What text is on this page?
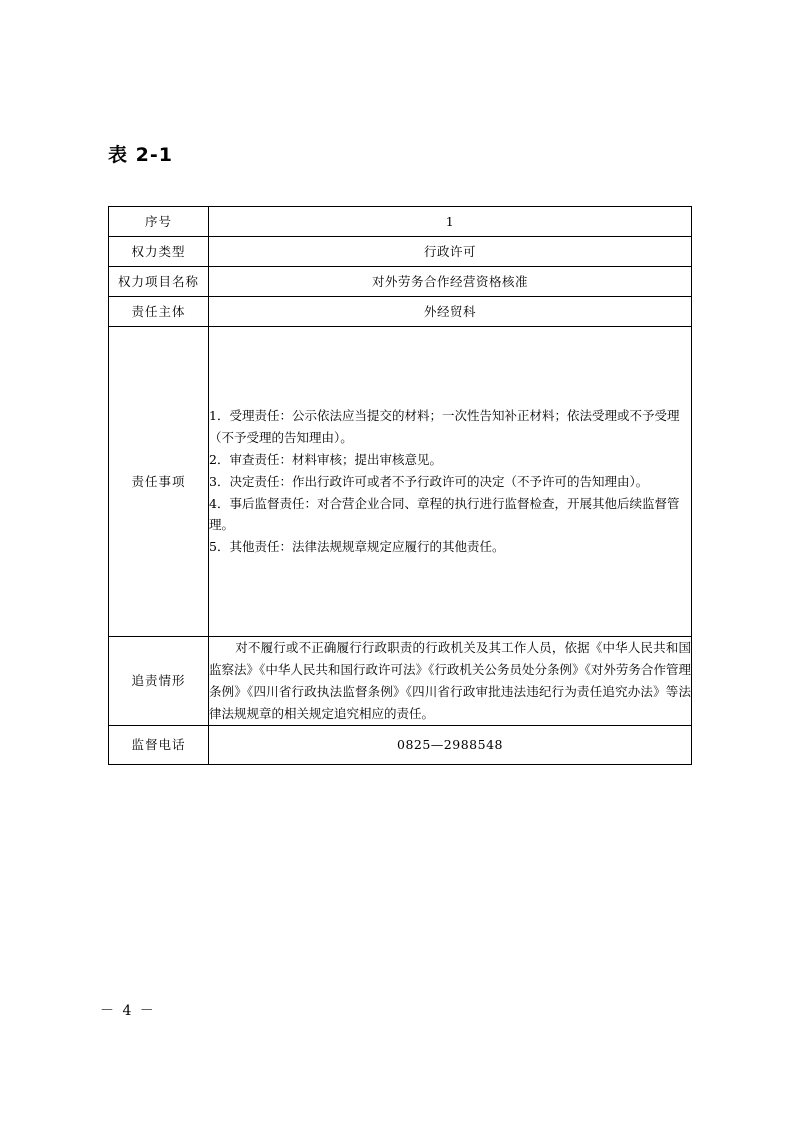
表 2-1
序号	1
权力类型	行政许可
权力项目名称	对外劳务合作经营资格核准
责任主体	外经贸科
责任事项	1．受理责任：公示依法应当提交的材料；一次性告知补正材料；依法受理或不予受理（不予受理的告知理由）。
2．审查责任：材料审核；提出审核意见。
3．决定责任：作出行政许可或者不予行政许可的决定（不予许可的告知理由）。
4．事后监督责任：对合营企业合同、章程的执行进行监督检查，开展其他后续监督管理。
5．其他责任：法律法规规章规定应履行的其他责任。

追责情形	对不履行或不正确履行行政职责的行政机关及其工作人员，依据《中华人民共和国监察法》《中华人民共和国行政许可法》《行政机关公务员处分条例》《对外劳务合作管理条例》《四川省行政执法监督条例》《四川省行政审批违法违纪行为责任追究办法》等法律法规规章的相关规定追究相应的责任。

监督电话	0825—2988548
－ 4 －
